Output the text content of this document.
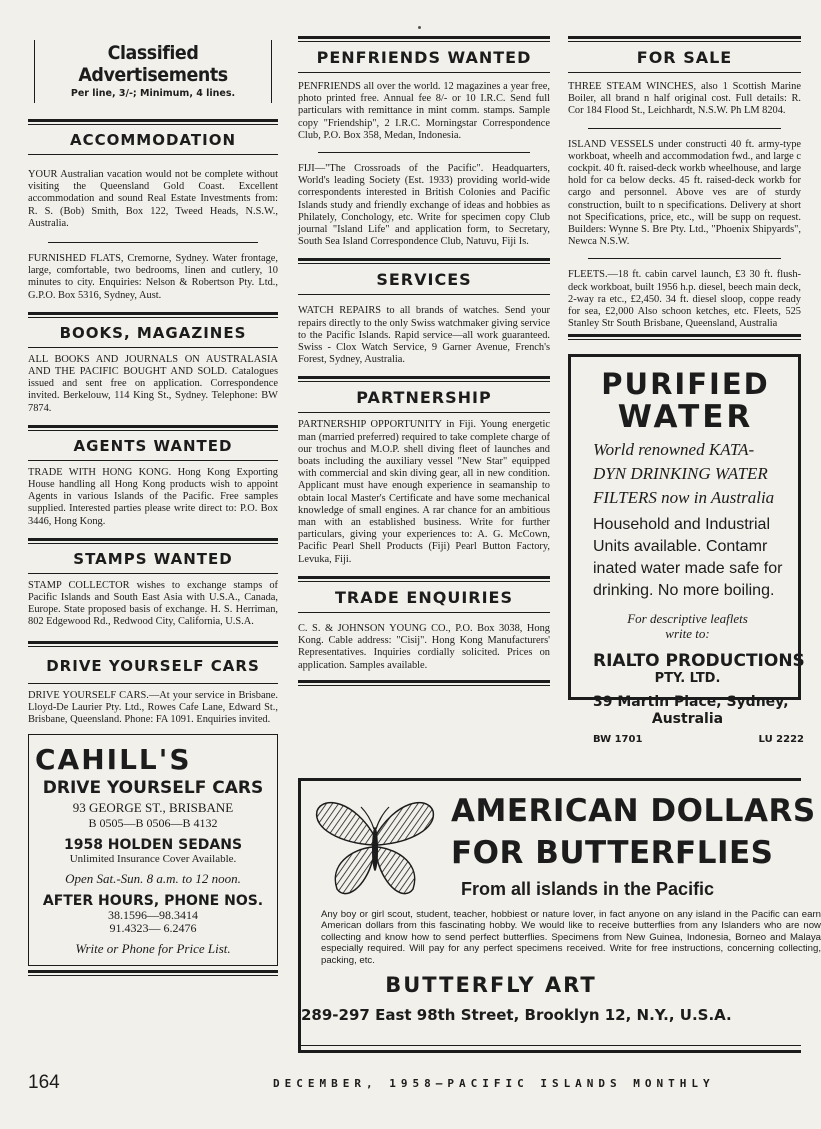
Classified Advertisements
Per line, 3/-; Minimum, 4 lines.
ACCOMMODATION

YOUR Australian vacation would not be complete without visiting the Queensland Gold Coast. Excellent accommodation and sound Real Estate Investments from: R. S. (Bob) Smith, Box 122, Tweed Heads, N.S.W., Australia.

FURNISHED FLATS, Cremorne, Sydney. Water frontage, large, comfortable, two bedrooms, linen and cutlery, 10 minutes to city. Enquiries: Nelson & Robertson Pty. Ltd., G.P.O. Box 5316, Sydney, Aust.

BOOKS, MAGAZINES

ALL BOOKS AND JOURNALS ON AUSTRALASIA AND THE PACIFIC BOUGHT AND SOLD. Catalogues issued and sent free on application. Correspondence invited. Berkelouw, 114 King St., Sydney. Telephone: BW 7874.

AGENTS WANTED

TRADE WITH HONG KONG. Hong Kong Exporting House handling all Hong Kong products wish to appoint Agents in various Islands of the Pacific. Free samples supplied. Interested parties please write direct to: P.O. Box 3446, Hong Kong.

STAMPS WANTED

STAMP COLLECTOR wishes to exchange stamps of Pacific Islands and South East Asia with U.S.A., Canada, Europe. State proposed basis of exchange. H. S. Herriman, 802 Edgewood Rd., Redwood City, California, U.S.A.

DRIVE YOURSELF CARS

DRIVE YOURSELF CARS.—At your service in Brisbane. Lloyd-De Laurier Pty. Ltd., Rowes Cafe Lane, Edward St., Brisbane, Queensland. Phone: FA 1091. Enquiries invited.

CAHILL'S
DRIVE YOURSELF CARS
93 GEORGE ST., BRISBANE
B 0505—B 0506—B 4132
1958 HOLDEN SEDANS
Unlimited Insurance Cover Available.
Open Sat.-Sun. 8 a.m. to 12 noon.
AFTER HOURS, PHONE NOS.
38.1596—98.3414
91.4323— 6.2476
Write or Phone for Price List.
PENFRIENDS WANTED

PENFRIENDS all over the world. 12 magazines a year free, photo printed free. Annual fee 8/- or 10 I.R.C. Send full particulars with remittance in mint comm. stamps. Sample copy "Friendship", 2 I.R.C. Morningstar Correspondence Club, P.O. Box 358, Medan, Indonesia.

FIJI—"The Crossroads of the Pacific". Headquarters, World's leading Society (Est. 1933) providing world-wide correspondents interested in British Colonies and Pacific Islands study and friendly exchange of ideas and hobbies as Philately, Conchology, etc. Write for specimen copy Club journal "Island Life" and application form, to Secretary, South Sea Island Correspondence Club, Natuvu, Fiji Is.

SERVICES

WATCH REPAIRS to all brands of watches. Send your repairs directly to the only Swiss watchmaker giving service to the Pacific Islands. Rapid service—all work guaranteed. Swiss - Clox Watch Service, 9 Garner Avenue, French's Forest, Sydney, Australia.

PARTNERSHIP

PARTNERSHIP OPPORTUNITY in Fiji. Young energetic man (married preferred) required to take complete charge of our trochus and M.O.P. shell diving fleet of launches and boats including the auxiliary vessel "New Star" equipped with commercial and skin diving gear, all in new condition. Applicant must have enough experience in seamanship to obtain local Master's Certificate and have some mechanical knowledge of small engines. A rar chance for an ambitious man with an established business. Write for further particulars, giving your experiences to: A. G. McCown, Pacific Pearl Shell Products (Fiji) Pearl Button Factory, Levuka, Fiji.

TRADE ENQUIRIES

C. S. & JOHNSON YOUNG CO., P.O. Box 3038, Hong Kong. Cable address: "Cisij". Hong Kong Manufacturers' Representatives. Inquiries cordially solicited. Prices on application. Samples available.

FOR SALE

THREE STEAM WINCHES, also 1 Scottish Marine Boiler, all brand n half original cost. Full details: R. Cor 184 Flood St., Leichhardt, N.S.W. Ph LM 8204.

ISLAND VESSELS under constructi 40 ft. army-type workboat, wheelh and accommodation fwd., and large c cockpit. 40 ft. raised-deck workb wheelhouse, and large hold for ca below decks. 45 ft. raised-deck workb for cargo and personnel. Above ves are of sturdy construction, built to n specifications. Delivery at short not Specifications, price, etc., will be supp on request. Builders: Wynne S. Bre Pty. Ltd., "Phoenix Shipyards", Newca N.S.W.

FLEETS.—18 ft. cabin carvel launch, £3 30 ft. flush-deck workboat, built 1956 h.p. diesel, beech main deck, 2-way ra etc., £2,450. 34 ft. diesel sloop, coppe ready for sea, £2,000 Also schoon ketches, etc. Fleets, 525 Stanley Str South Brisbane, Queensland, Australia

PURIFIED
WATER
World renowned KATA-
DYN DRINKING WATER
FILTERS now in Australia
Household and Industrial
Units available. Contamr
inated water made safe for
drinking. No more boiling.
For descriptive leaflets
write to:
RIALTO PRODUCTIONS
PTY. LTD.
39 Martin Place, Sydney,
Australia
BW 1701	LU 2222
AMERICAN DOLLARS
FOR BUTTERFLIES
From all islands in the Pacific
Any boy or girl scout, student, teacher, hobbiest or nature lover, in fact anyone on any island in the Pacific can earn American dollars from this fascinating hobby. We would like to receive butterflies from any Islanders who are now collecting and know how to send perfect butterflies. Specimens from New Guinea, Indonesia, Borneo and Malaya especially required. Will pay for any perfect specimens received. Write for free instructions, concerning collecting, packing, etc.
BUTTERFLY ART
289-297 East 98th Street, Brooklyn 12, N.Y., U.S.A.
164	DECEMBER, 1958—PACIFIC ISLANDS MONTHLY
